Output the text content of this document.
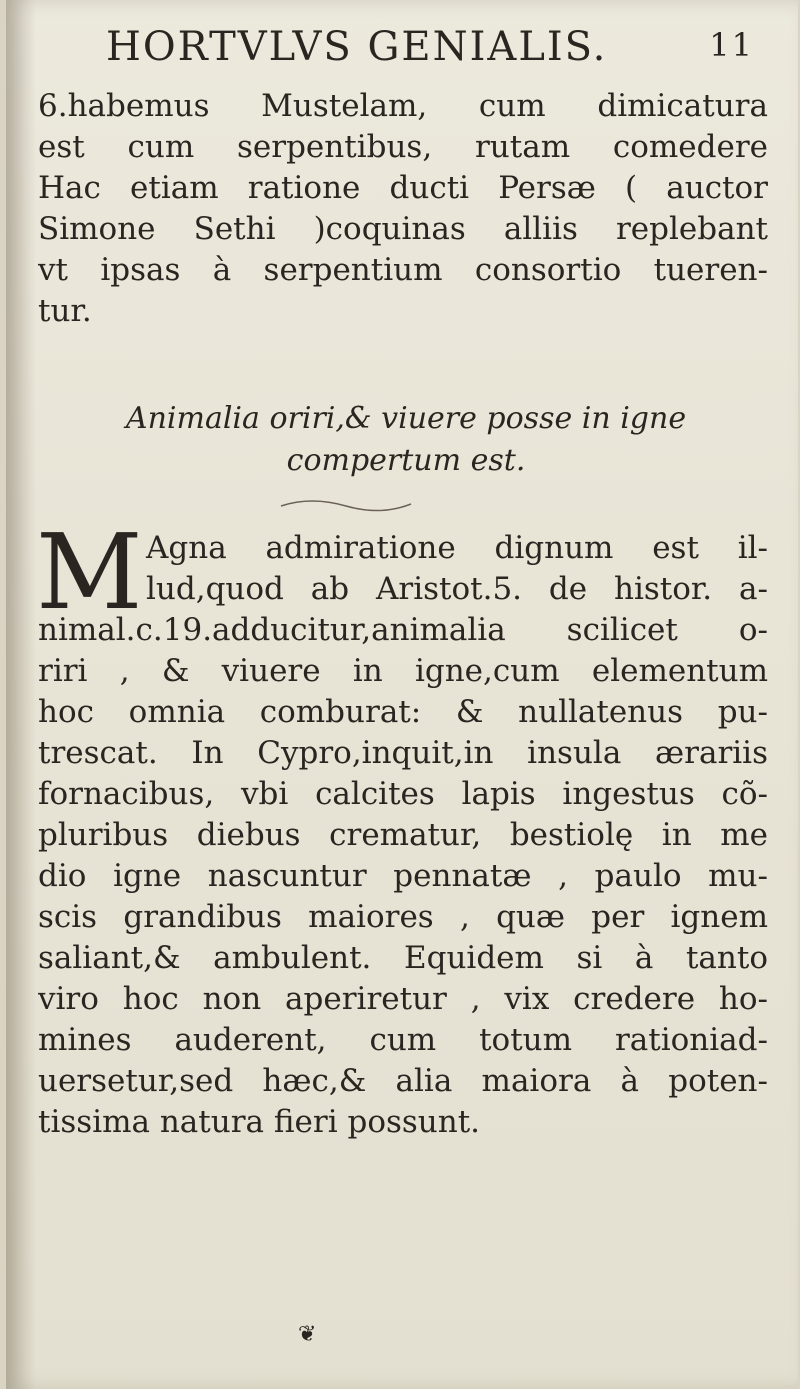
HORTVLVS GENIALIS.	11
6.habemus Mustelam, cum dimicatura
est cum serpentibus, rutam comedere
Hac etiam ratione ducti Persæ ( auctor
Simone Sethi )coquinas alliis replebant
vt ipsas à serpentium consortio tueren-
tur.
Animalia oriri,& viuere posse in igne
compertum est.
M Agna admiratione dignum est il-
lud,quod ab Aristot.5. de histor. a-
nimal.c.19.adducitur,animalia scilicet o-
riri , & viuere in igne,cum elementum
hoc omnia comburat: & nullatenus pu-
trescat. In Cypro,inquit,in insula ærariis
fornacibus, vbi calcites lapis ingestus cõ-
pluribus diebus crematur, bestiolę in me
dio igne nascuntur pennatæ , paulo mu-
scis grandibus maiores , quæ per ignem
saliant,& ambulent. Equidem si à tanto
viro hoc non aperiretur , vix credere ho-
mines auderent, cum totum rationiad-
uersetur,sed hæc,& alia maiora à poten-
tissima natura fieri possunt.
❦
